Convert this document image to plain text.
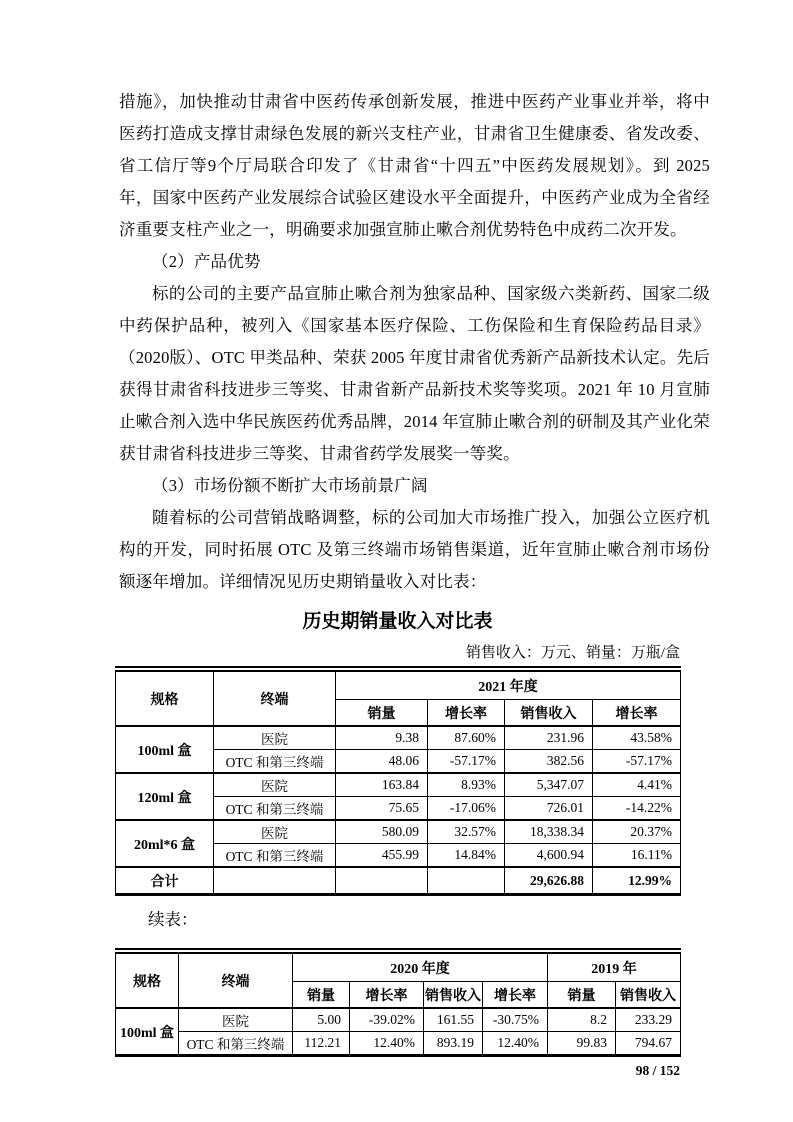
措施》，加快推动甘肃省中医药传承创新发展，推进中医药产业事业并举，将中医药打造成支撑甘肃绿色发展的新兴支柱产业，甘肃省卫生健康委、省发改委、省工信厅等9个厅局联合印发了《甘肃省“十四五”中医药发展规划》。到 2025 年，国家中医药产业发展综合试验区建设水平全面提升，中医药产业成为全省经济重要支柱产业之一，明确要求加强宣肺止嗽合剂优势特色中成药二次开发。

（2）产品优势

标的公司的主要产品宣肺止嗽合剂为独家品种、国家级六类新药、国家二级中药保护品种，被列入《国家基本医疗保险、工伤保险和生育保险药品目录》（2020版）、OTC 甲类品种、荣获 2005 年度甘肃省优秀新产品新技术认定。先后获得甘肃省科技进步三等奖、甘肃省新产品新技术奖等奖项。2021 年 10 月宣肺止嗽合剂入选中华民族医药优秀品牌，2014 年宣肺止嗽合剂的研制及其产业化荣获甘肃省科技进步三等奖、甘肃省药学发展奖一等奖。

（3）市场份额不断扩大市场前景广阔

随着标的公司营销战略调整，标的公司加大市场推广投入，加强公立医疗机构的开发，同时拓展 OTC 及第三终端市场销售渠道，近年宣肺止嗽合剂市场份额逐年增加。详细情况见历史期销量收入对比表：

历史期销量收入对比表

销售收入：万元、销量：万瓶/盒

规格	终端	2021 年度			
		销量	增长率	销售收入	增长率
100ml 盒	医院	9.38	87.60%	231.96	43.58%
	OTC 和第三终端	48.06	-57.17%	382.56	-57.17%
120ml 盒	医院	163.84	8.93%	5,347.07	4.41%
	OTC 和第三终端	75.65	-17.06%	726.01	-14.22%
20ml*6 盒	医院	580.09	32.57%	18,338.34	20.37%
	OTC 和第三终端	455.99	14.84%	4,600.94	16.11%
合计				29,626.88	12.99%

续表：

规格	终端	2020 年度				2019 年	
		销量	增长率	销售收入	增长率	销量	销售收入
100ml 盒	医院	5.00	-39.02%	161.55	-30.75%	8.2	233.29
	OTC 和第三终端	112.21	12.40%	893.19	12.40%	99.83	794.67

98 / 152
